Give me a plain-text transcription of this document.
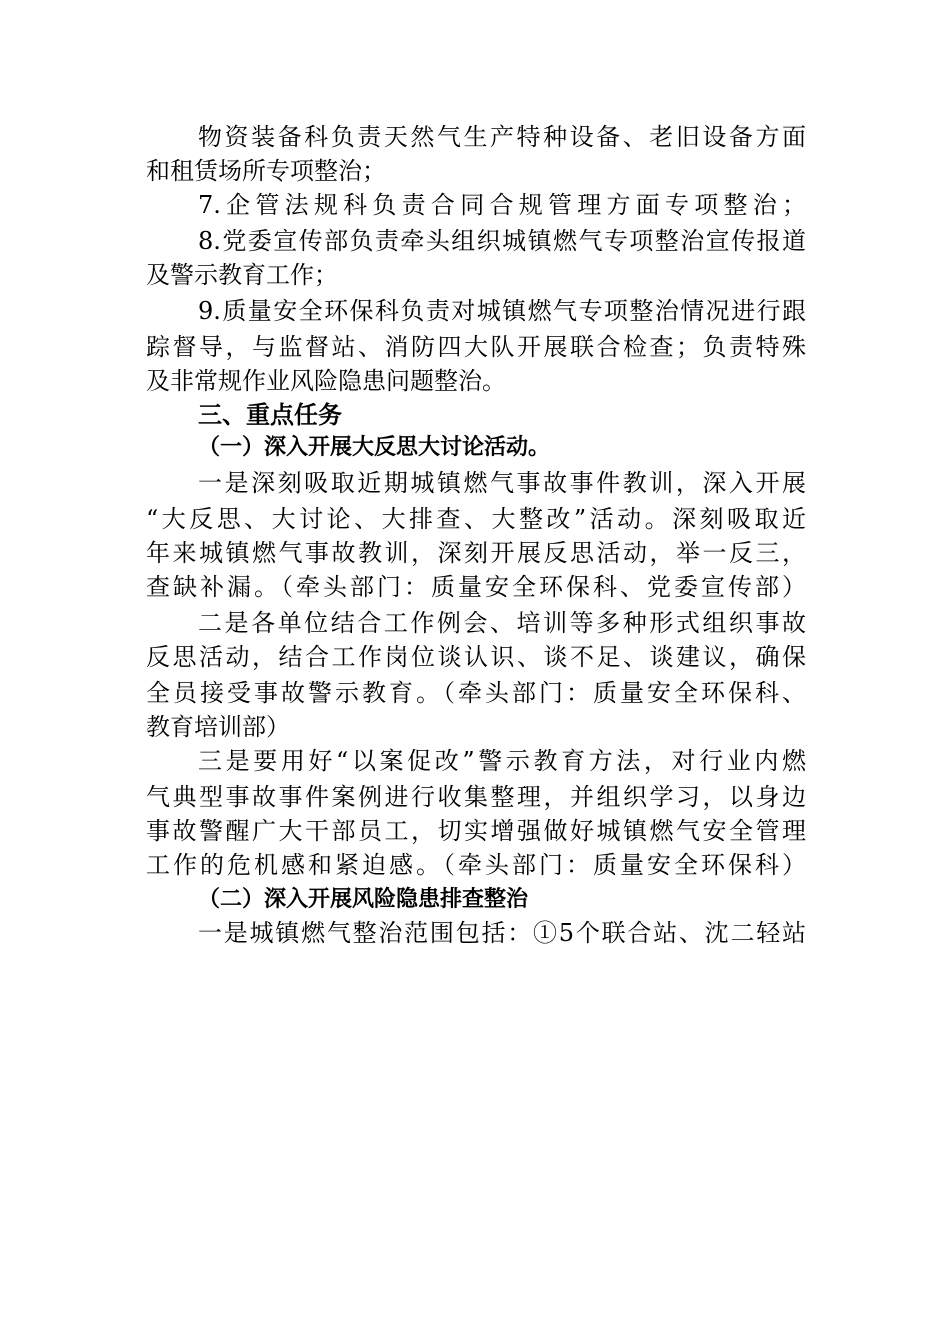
物资装备科负责天然气生产特种设备、老旧设备方面
和租赁场所专项整治；
7.企管法规科负责合同合规管理方面专项整治；
8.党委宣传部负责牵头组织城镇燃气专项整治宣传报道
及警示教育工作；
9.质量安全环保科负责对城镇燃气专项整治情况进行跟
踪督导，与监督站、消防四大队开展联合检查；负责特殊
及非常规作业风险隐患问题整治。
三、重点任务
（一）深入开展大反思大讨论活动。
一是深刻吸取近期城镇燃气事故事件教训，深入开展
“大反思、大讨论、大排查、大整改”活动。深刻吸取近
年来城镇燃气事故教训，深刻开展反思活动，举一反三，
查缺补漏。（牵头部门：质量安全环保科、党委宣传部）
二是各单位结合工作例会、培训等多种形式组织事故
反思活动，结合工作岗位谈认识、谈不足、谈建议，确保
全员接受事故警示教育。（牵头部门：质量安全环保科、
教育培训部）
三是要用好“以案促改”警示教育方法，对行业内燃
气典型事故事件案例进行收集整理，并组织学习，以身边
事故警醒广大干部员工，切实增强做好城镇燃气安全管理
工作的危机感和紧迫感。（牵头部门：质量安全环保科）
（二）深入开展风险隐患排查整治
一是城镇燃气整治范围包括：①5个联合站、沈二轻站
